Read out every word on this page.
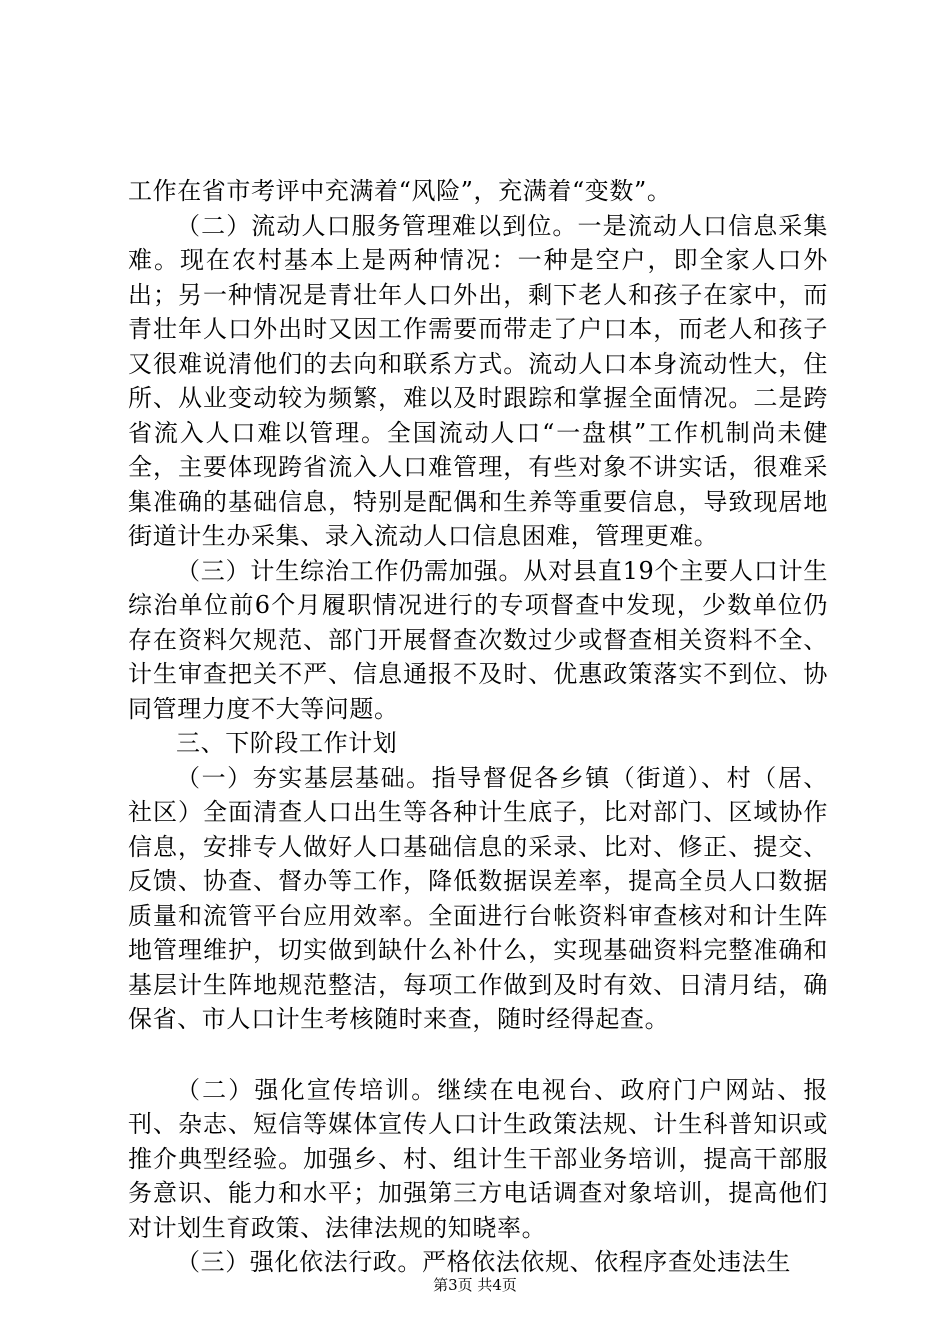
工作在省市考评中充满着“风险”，充满着“变数”。

（二）流动人口服务管理难以到位。一是流动人口信息采集难。现在农村基本上是两种情况：一种是空户，即全家人口外出；另一种情况是青壮年人口外出，剩下老人和孩子在家中，而青壮年人口外出时又因工作需要而带走了户口本，而老人和孩子又很难说清他们的去向和联系方式。流动人口本身流动性大，住所、从业变动较为频繁，难以及时跟踪和掌握全面情况。二是跨省流入人口难以管理。全国流动人口“一盘棋”工作机制尚未健全，主要体现跨省流入人口难管理，有些对象不讲实话，很难采集准确的基础信息，特别是配偶和生养等重要信息，导致现居地街道计生办采集、录入流动人口信息困难，管理更难。

（三）计生综治工作仍需加强。从对县直19个主要人口计生综治单位前6个月履职情况进行的专项督查中发现，少数单位仍存在资料欠规范、部门开展督查次数过少或督查相关资料不全、计生审查把关不严、信息通报不及时、优惠政策落实不到位、协同管理力度不大等问题。

三、下阶段工作计划

（一）夯实基层基础。指导督促各乡镇（街道）、村（居、社区）全面清查人口出生等各种计生底子，比对部门、区域协作信息，安排专人做好人口基础信息的采录、比对、修正、提交、反馈、协查、督办等工作，降低数据误差率，提高全员人口数据质量和流管平台应用效率。全面进行台帐资料审查核对和计生阵地管理维护，切实做到缺什么补什么，实现基础资料完整准确和基层计生阵地规范整洁，每项工作做到及时有效、日清月结，确保省、市人口计生考核随时来查，随时经得起查。

（二）强化宣传培训。继续在电视台、政府门户网站、报刊、杂志、短信等媒体宣传人口计生政策法规、计生科普知识或推介典型经验。加强乡、村、组计生干部业务培训，提高干部服务意识、能力和水平；加强第三方电话调查对象培训，提高他们对计划生育政策、法律法规的知晓率。

（三）强化依法行政。严格依法依规、依程序查处违法生

第3页 共4页
